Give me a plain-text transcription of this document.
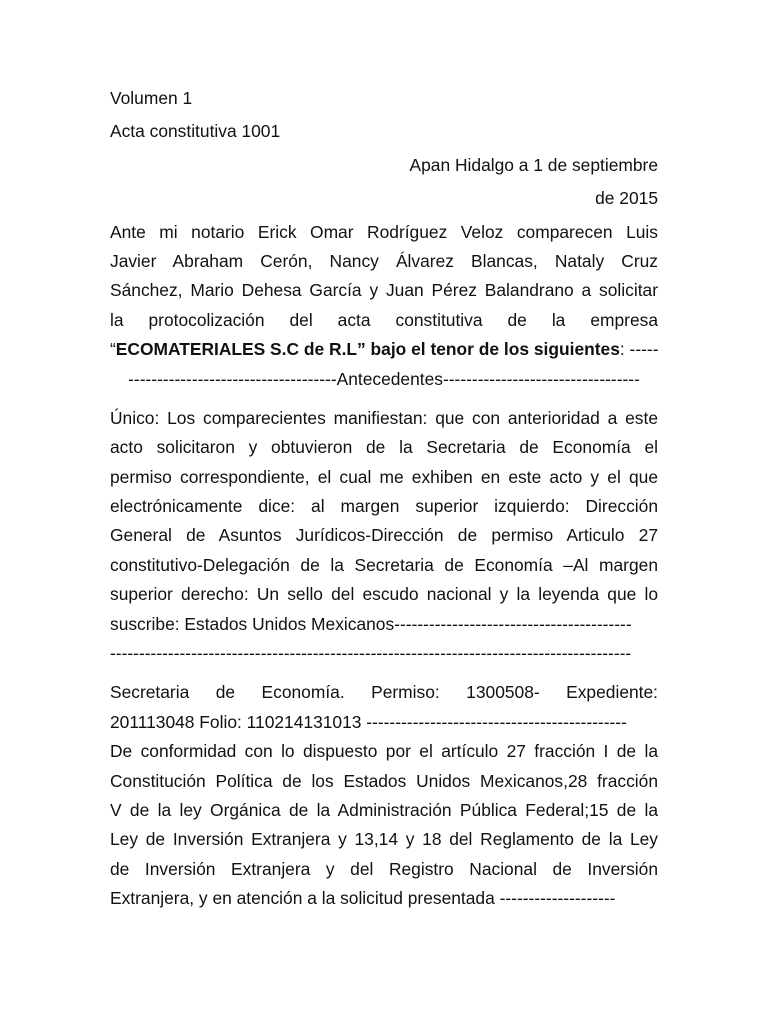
Volumen 1
Acta constitutiva 1001
Apan Hidalgo a 1 de septiembre
de 2015
Ante mi notario Erick Omar Rodríguez Veloz comparecen Luis
Javier Abraham Cerón, Nancy Álvarez Blancas, Nataly Cruz
Sánchez, Mario Dehesa García y Juan Pérez Balandrano a solicitar
la protocolización del acta constitutiva de la empresa
“ECOMATERIALES S.C de R.L” bajo el tenor de los siguientes: -----
------------------------------------Antecedentes----------------------------------
Único: Los comparecientes manifiestan: que con anterioridad a este
acto solicitaron y obtuvieron de la Secretaria de Economía el
permiso correspondiente, el cual me exhiben en este acto y el que
electrónicamente dice: al margen superior izquierdo: Dirección
General de Asuntos Jurídicos-Dirección de permiso Articulo 27
constitutivo-Delegación de la Secretaria de Economía –Al margen
superior derecho: Un sello del escudo nacional y la leyenda que lo
suscribe: Estados Unidos Mexicanos-----------------------------------------
------------------------------------------------------------------------------------------
Secretaria de Economía. Permiso: 1300508- Expediente:
201113048 Folio: 110214131013 ---------------------------------------------
De conformidad con lo dispuesto por el artículo 27 fracción I de la
Constitución Política de los Estados Unidos Mexicanos,28 fracción
V de la ley Orgánica de la Administración Pública Federal;15 de la
Ley de Inversión Extranjera y 13,14 y 18 del Reglamento de la Ley
de Inversión Extranjera y del Registro Nacional de Inversión
Extranjera, y en atención a la solicitud presentada --------------------
